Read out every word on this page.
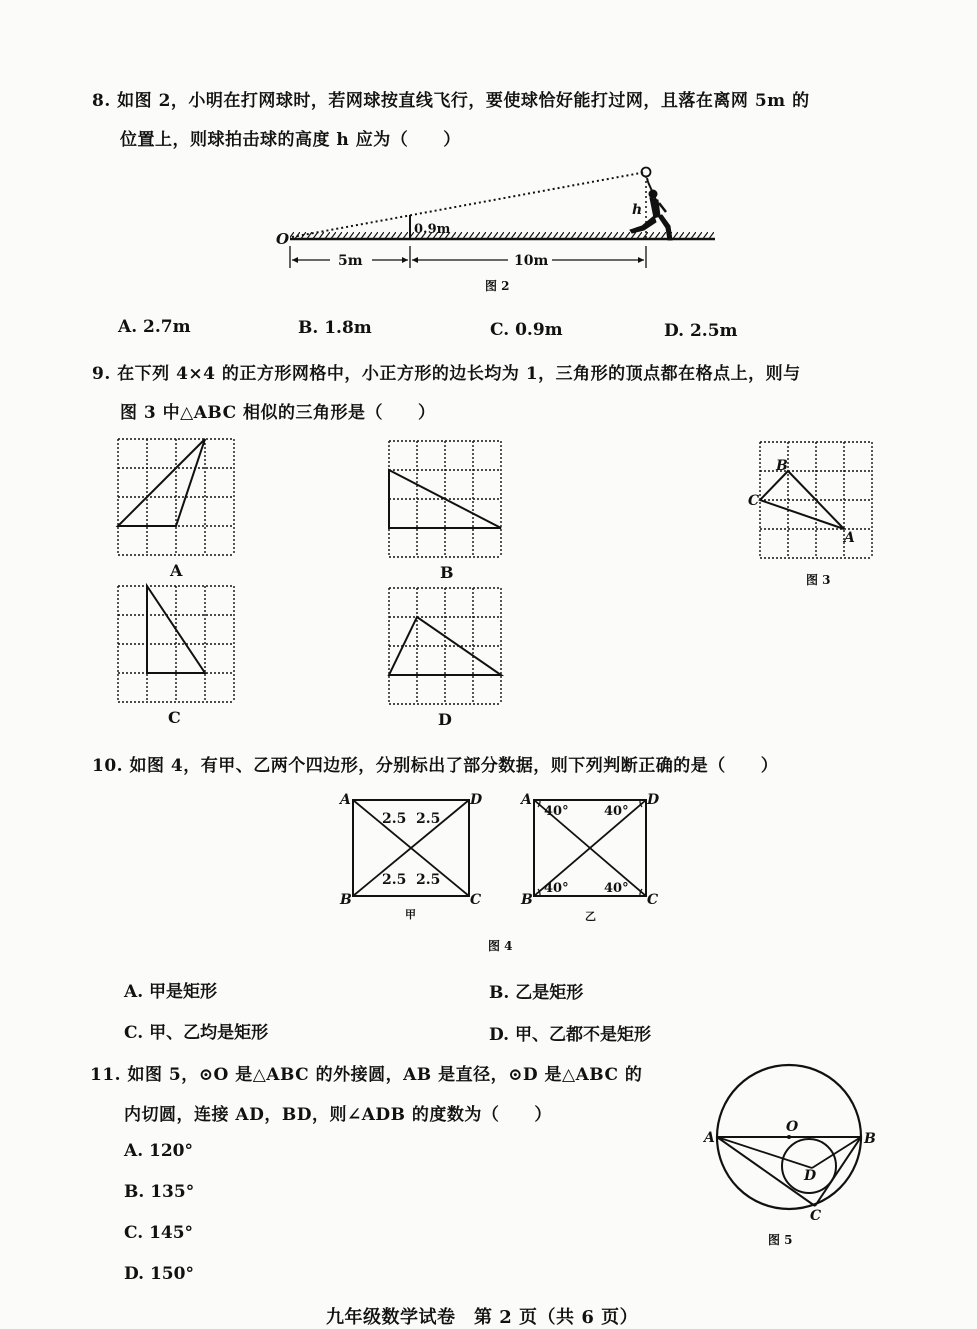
8. 如图 2，小明在打网球时，若网球按直线飞行，要使球恰好能打过网，且落在离网 5m 的
位置上，则球拍击球的高度 h 应为（　　）
0.9m
O
h
5m	10m
图 2
A. 2.7m	B. 1.8m	C. 0.9m	D. 2.5m
9. 在下列 4×4 的正方形网格中，小正方形的边长均为 1，三角形的顶点都在格点上，则与
图 3 中△ABC 相似的三角形是（　　）
A	B
C	D
B
C
A
图 3
10. 如图 4，有甲、乙两个四边形，分别标出了部分数据，则下列判断正确的是（　　）
A	D
B	C
2.5 2.5
2.5 2.5
甲
A	D
B	C
40°	40°
40°	40°
乙
图 4
A. 甲是矩形	B. 乙是矩形
C. 甲、乙均是矩形	D. 甲、乙都不是矩形
11. 如图 5，⊙O 是△ABC 的外接圆，AB 是直径，⊙D 是△ABC 的
内切圆，连接 AD，BD，则∠ADB 的度数为（　　）
A. 120°
B. 135°
C. 145°
D. 150°
A	B
O
D
C
图 5
九年级数学试卷　第 2 页（共 6 页）
